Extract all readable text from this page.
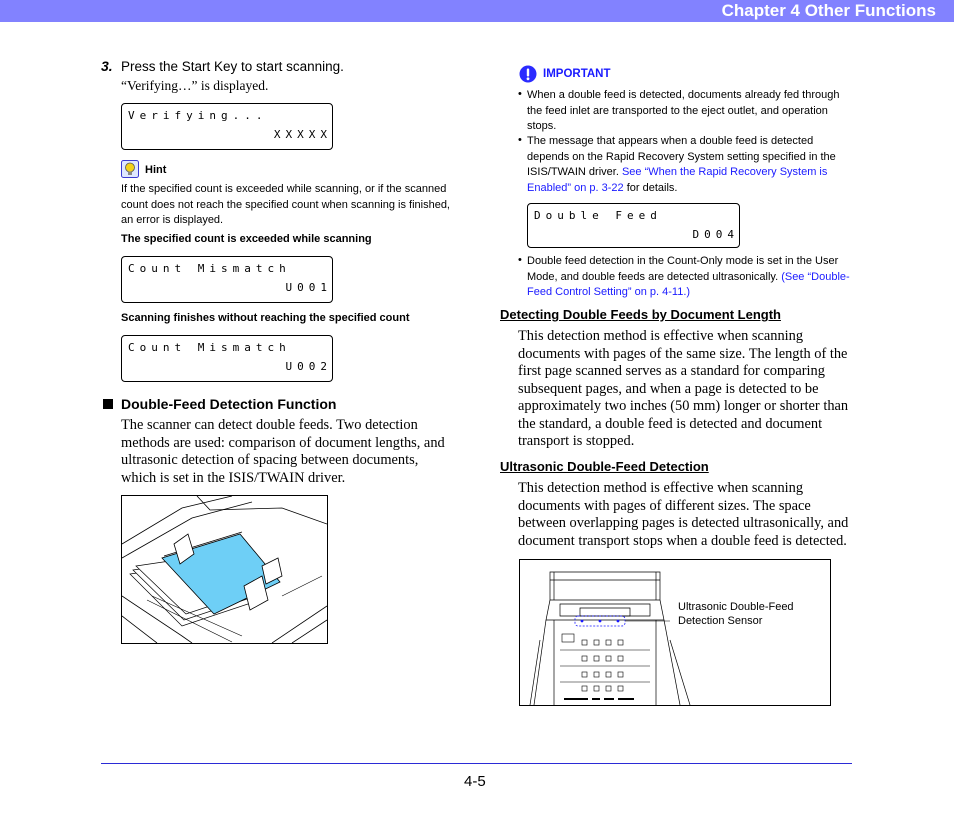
Chapter 4 Other Functions
3. Press the Start Key to start scanning.
“Verifying…” is displayed.
Verifying...
XXXXX
Hint
If the specified count is exceeded while scanning, or if the scanned count does not reach the specified count when scanning is finished, an error is displayed.
The specified count is exceeded while scanning
Count Mismatch
U001
Scanning finishes without reaching the specified count
Count Mismatch
U002
Double-Feed Detection Function
The scanner can detect double feeds. Two detection methods are used: comparison of document lengths, and ultrasonic detection of spacing between documents, which is set in the ISIS/TWAIN driver.
IMPORTANT
• When a double feed is detected, documents already fed through the feed inlet are transported to the eject outlet, and operation stops.
• The message that appears when a double feed is detected depends on the Rapid Recovery System setting specified in the ISIS/TWAIN driver. See “When the Rapid Recovery System is Enabled” on p. 3-22 for details.
Double Feed
D004
• Double feed detection in the Count-Only mode is set in the User Mode, and double feeds are detected ultrasonically. (See “Double-Feed Control Setting” on p. 4-11.)
Detecting Double Feeds by Document Length
This detection method is effective when scanning documents with pages of the same size. The length of the first page scanned serves as a standard for comparing subsequent pages, and when a page is detected to be approximately two inches (50 mm) longer or shorter than the standard, a double feed is detected and document transport is stopped.
Ultrasonic Double-Feed Detection
This detection method is effective when scanning documents with pages of different sizes. The space between overlapping pages is detected ultrasonically, and document transport stops when a double feed is detected.
Ultrasonic Double-Feed Detection Sensor
4-5
